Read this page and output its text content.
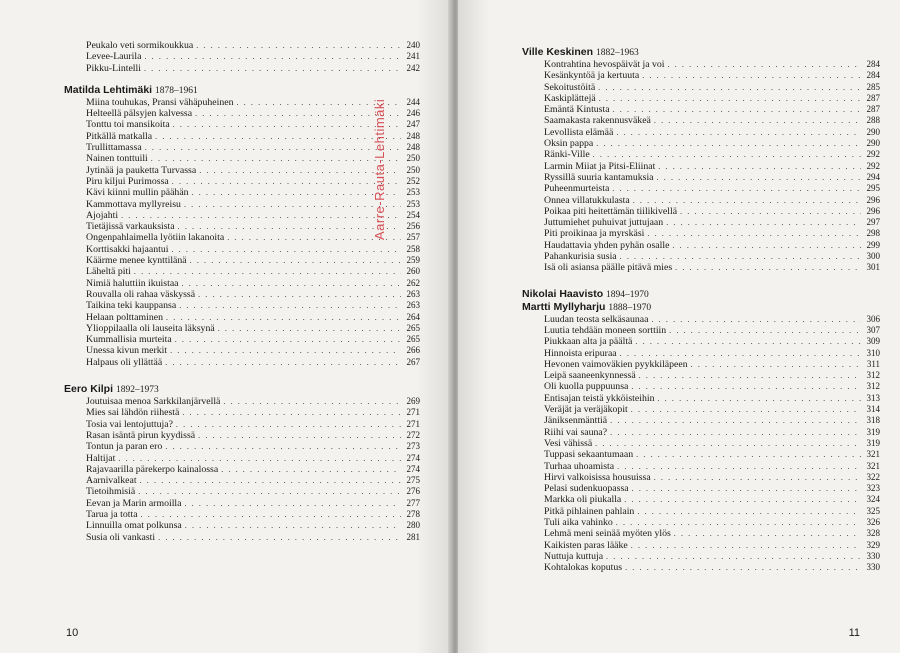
Peukalo veti sormikoukkua . . .	240
Levee-Laurila . . .	241
Pikku-Lintelli . . .	242
Matilda Lehtimäki 1878–1961
Miina touhukas, Pransi vähäpuheinen . . .	244
Helteellä pälsyjen kalvessa . . .	246
Tonttu toi mansikoita . . .	247
Pitkällä matkalla . . .	248
Trullittamassa . . .	248
Nainen tonttuili . . .	250
Jytinää ja pauketta Turvassa . . .	250
Piru kiljui Purimossa . . .	252
Kävi kiinni mullin päähän . . .	253
Kammottava myllyreisu . . .	253
Ajojahti . . .	254
Tietäjissä varkauksista . . .	256
Ongenpahlaimella lyötiin lakanoita . . .	257
Korttisakki hajaantui . . .	258
Käärme menee kynttilänä . . .	259
Läheltä piti . . .	260
Nimiä haluttiin ikuistaa . . .	262
Rouvalla oli rahaa väskyssä . . .	263
Taikina teki kauppansa . . .	263
Helaan polttaminen . . .	264
Ylioppilaalla oli lauseita läksynä . . .	265
Kummallisia murteita . . .	265
Unessa kivun merkit . . .	266
Halpaus oli yllättää . . .	267
Eero Kilpi 1892–1973
Joutuisaa menoa Sarkkilanjärvellä . . .	269
Mies sai lähdön riihestä . . .	271
Tosia vai lentojuttuja? . . .	271
Rasan isäntä pirun kyydissä . . .	272
Tontun ja paran ero . . .	273
Haltijat . . .	274
Rajavaarilla pärekerpo kainalossa . . .	274
Aarnivalkeat . . .	275
Tietoihmisiä . . .	276
Eevan ja Marin armoilla . . .	277
Tarua ja totta . . .	278
Linnuilla omat polkunsa . . .	280
Susia oli vankasti . . .	281
10
Aarre-Rauta-Lehtimäki
Ville Keskinen 1882–1963
Kontrahtina hevospäivät ja voi . . .	284
Kesänkyntöä ja kertuuta . . .	284
Sekoitustöitä . . .	285
Kaskiplättejä . . .	287
Emäntä Kintusta . . .	287
Saamakasta rakennusväkeä . . .	288
Levollista elämää . . .	290
Oksin pappa . . .	290
Ränki-Ville . . .	292
Larmin Miiat ja Pitsi-Eliinat . . .	292
Ryssillä suuria kantamuksia . . .	294
Puheenmurteista . . .	295
Onnea villatukkulasta . . .	296
Poikaa piti heitettämän tiilikivellä . . .	296
Juttumiehet puhuivat juttujaan . . .	297
Piti proikinaa ja myrskäsi . . .	298
Haudattavia yhden pyhän osalle . . .	299
Pahankurisia susia . . .	300
Isä oli asiansa päälle pitävä mies . . .	301
Nikolai Haavisto 1894–1970
Martti Myllyharju 1888–1970
Luudan teosta selkäsaunaa . . .	306
Luutia tehdään moneen sorttiin . . .	307
Piukkaan alta ja päältä . . .	309
Hinnoista eripuraa . . .	310
Hevonen vaimoväkien pyykkiläpeen . . .	311
Leipä saaneenkynnessä . . .	312
Oli kuolla puppuunsa . . .	312
Entisajan teistä ykköisteihin . . .	313
Veräjät ja veräjäkopit . . .	314
Jäniksenmänttiä . . .	318
Riihi vai sauna? . . .	319
Vesi vähissä . . .	319
Tuppasi sekaantumaan . . .	321
Turhaa uhoamista . . .	321
Hirvi valkoisissa housuissa . . .	322
Pelasi sudenkuopassa . . .	323
Markka oli piukalla . . .	324
Pitkä pihlainen pahlain . . .	325
Tuli aika vahinko . . .	326
Lehmä meni seinää myöten ylös . . .	328
Kaikisten paras lääke . . .	329
Nuttuja kuttuja . . .	330
Kohtalokas koputus . . .	330
11
